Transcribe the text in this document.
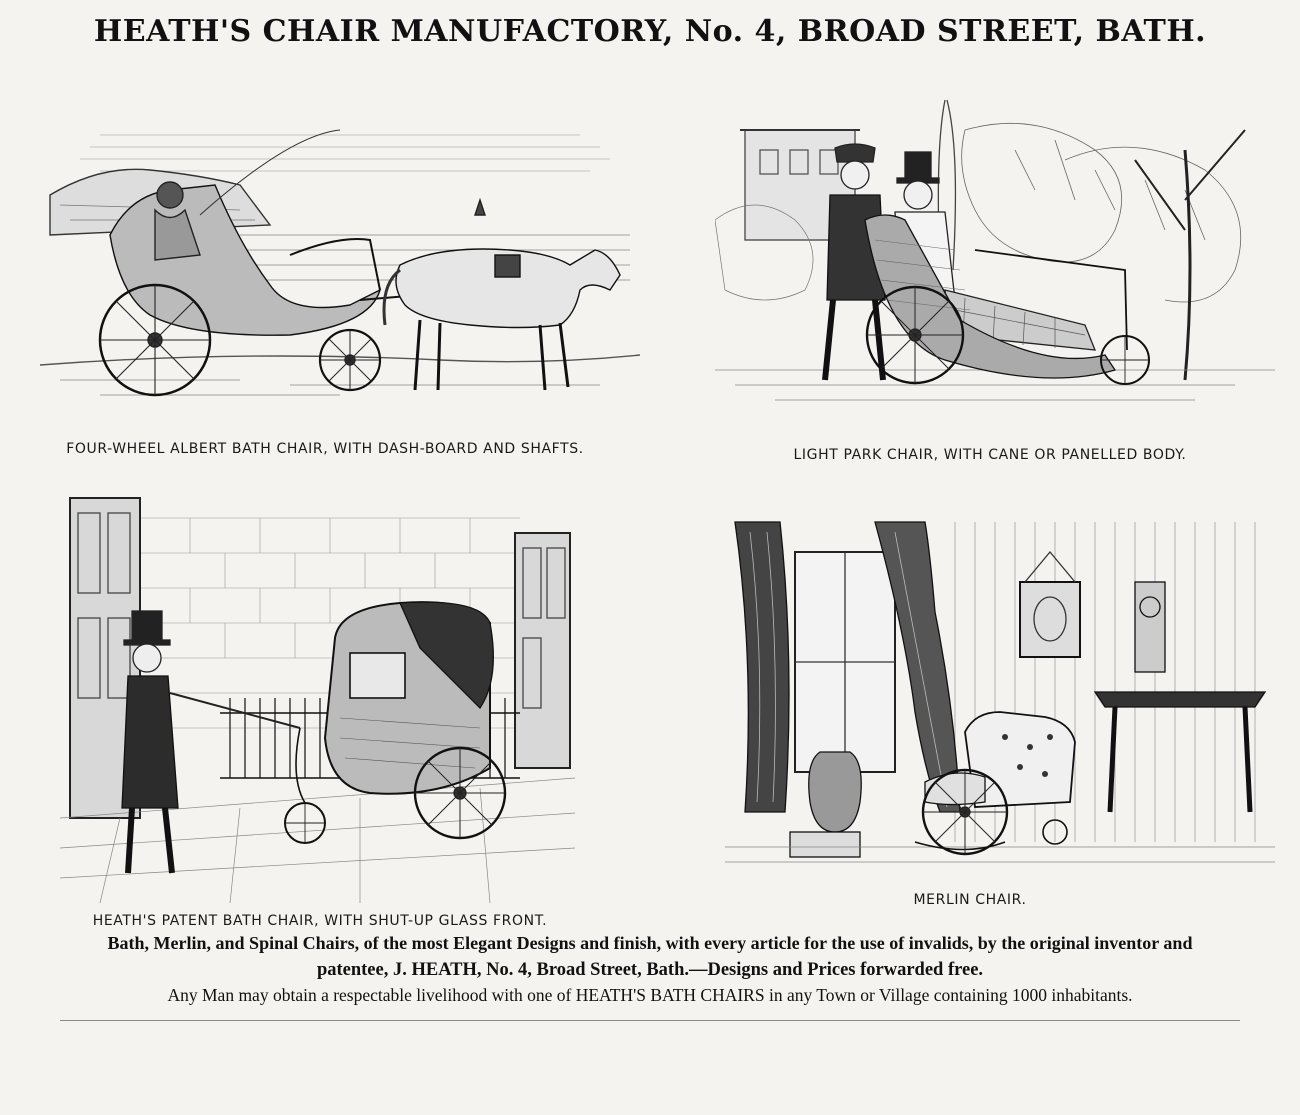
HEATH'S CHAIR MANUFACTORY, No. 4, BROAD STREET, BATH.
FOUR-WHEEL ALBERT BATH CHAIR, WITH DASH-BOARD AND SHAFTS.	LIGHT PARK CHAIR, WITH CANE OR PANELLED BODY.
HEATH'S PATENT BATH CHAIR, WITH SHUT-UP GLASS FRONT.
MERLIN CHAIR.
Bath, Merlin, and Spinal Chairs, of the most Elegant Designs and finish, with every article for the use of invalids, by the original inventor and
patentee, J. HEATH, No. 4, Broad Street, Bath.—Designs and Prices forwarded free.
Any Man may obtain a respectable livelihood with one of HEATH'S BATH CHAIRS in any Town or Village containing 1000 inhabitants.
